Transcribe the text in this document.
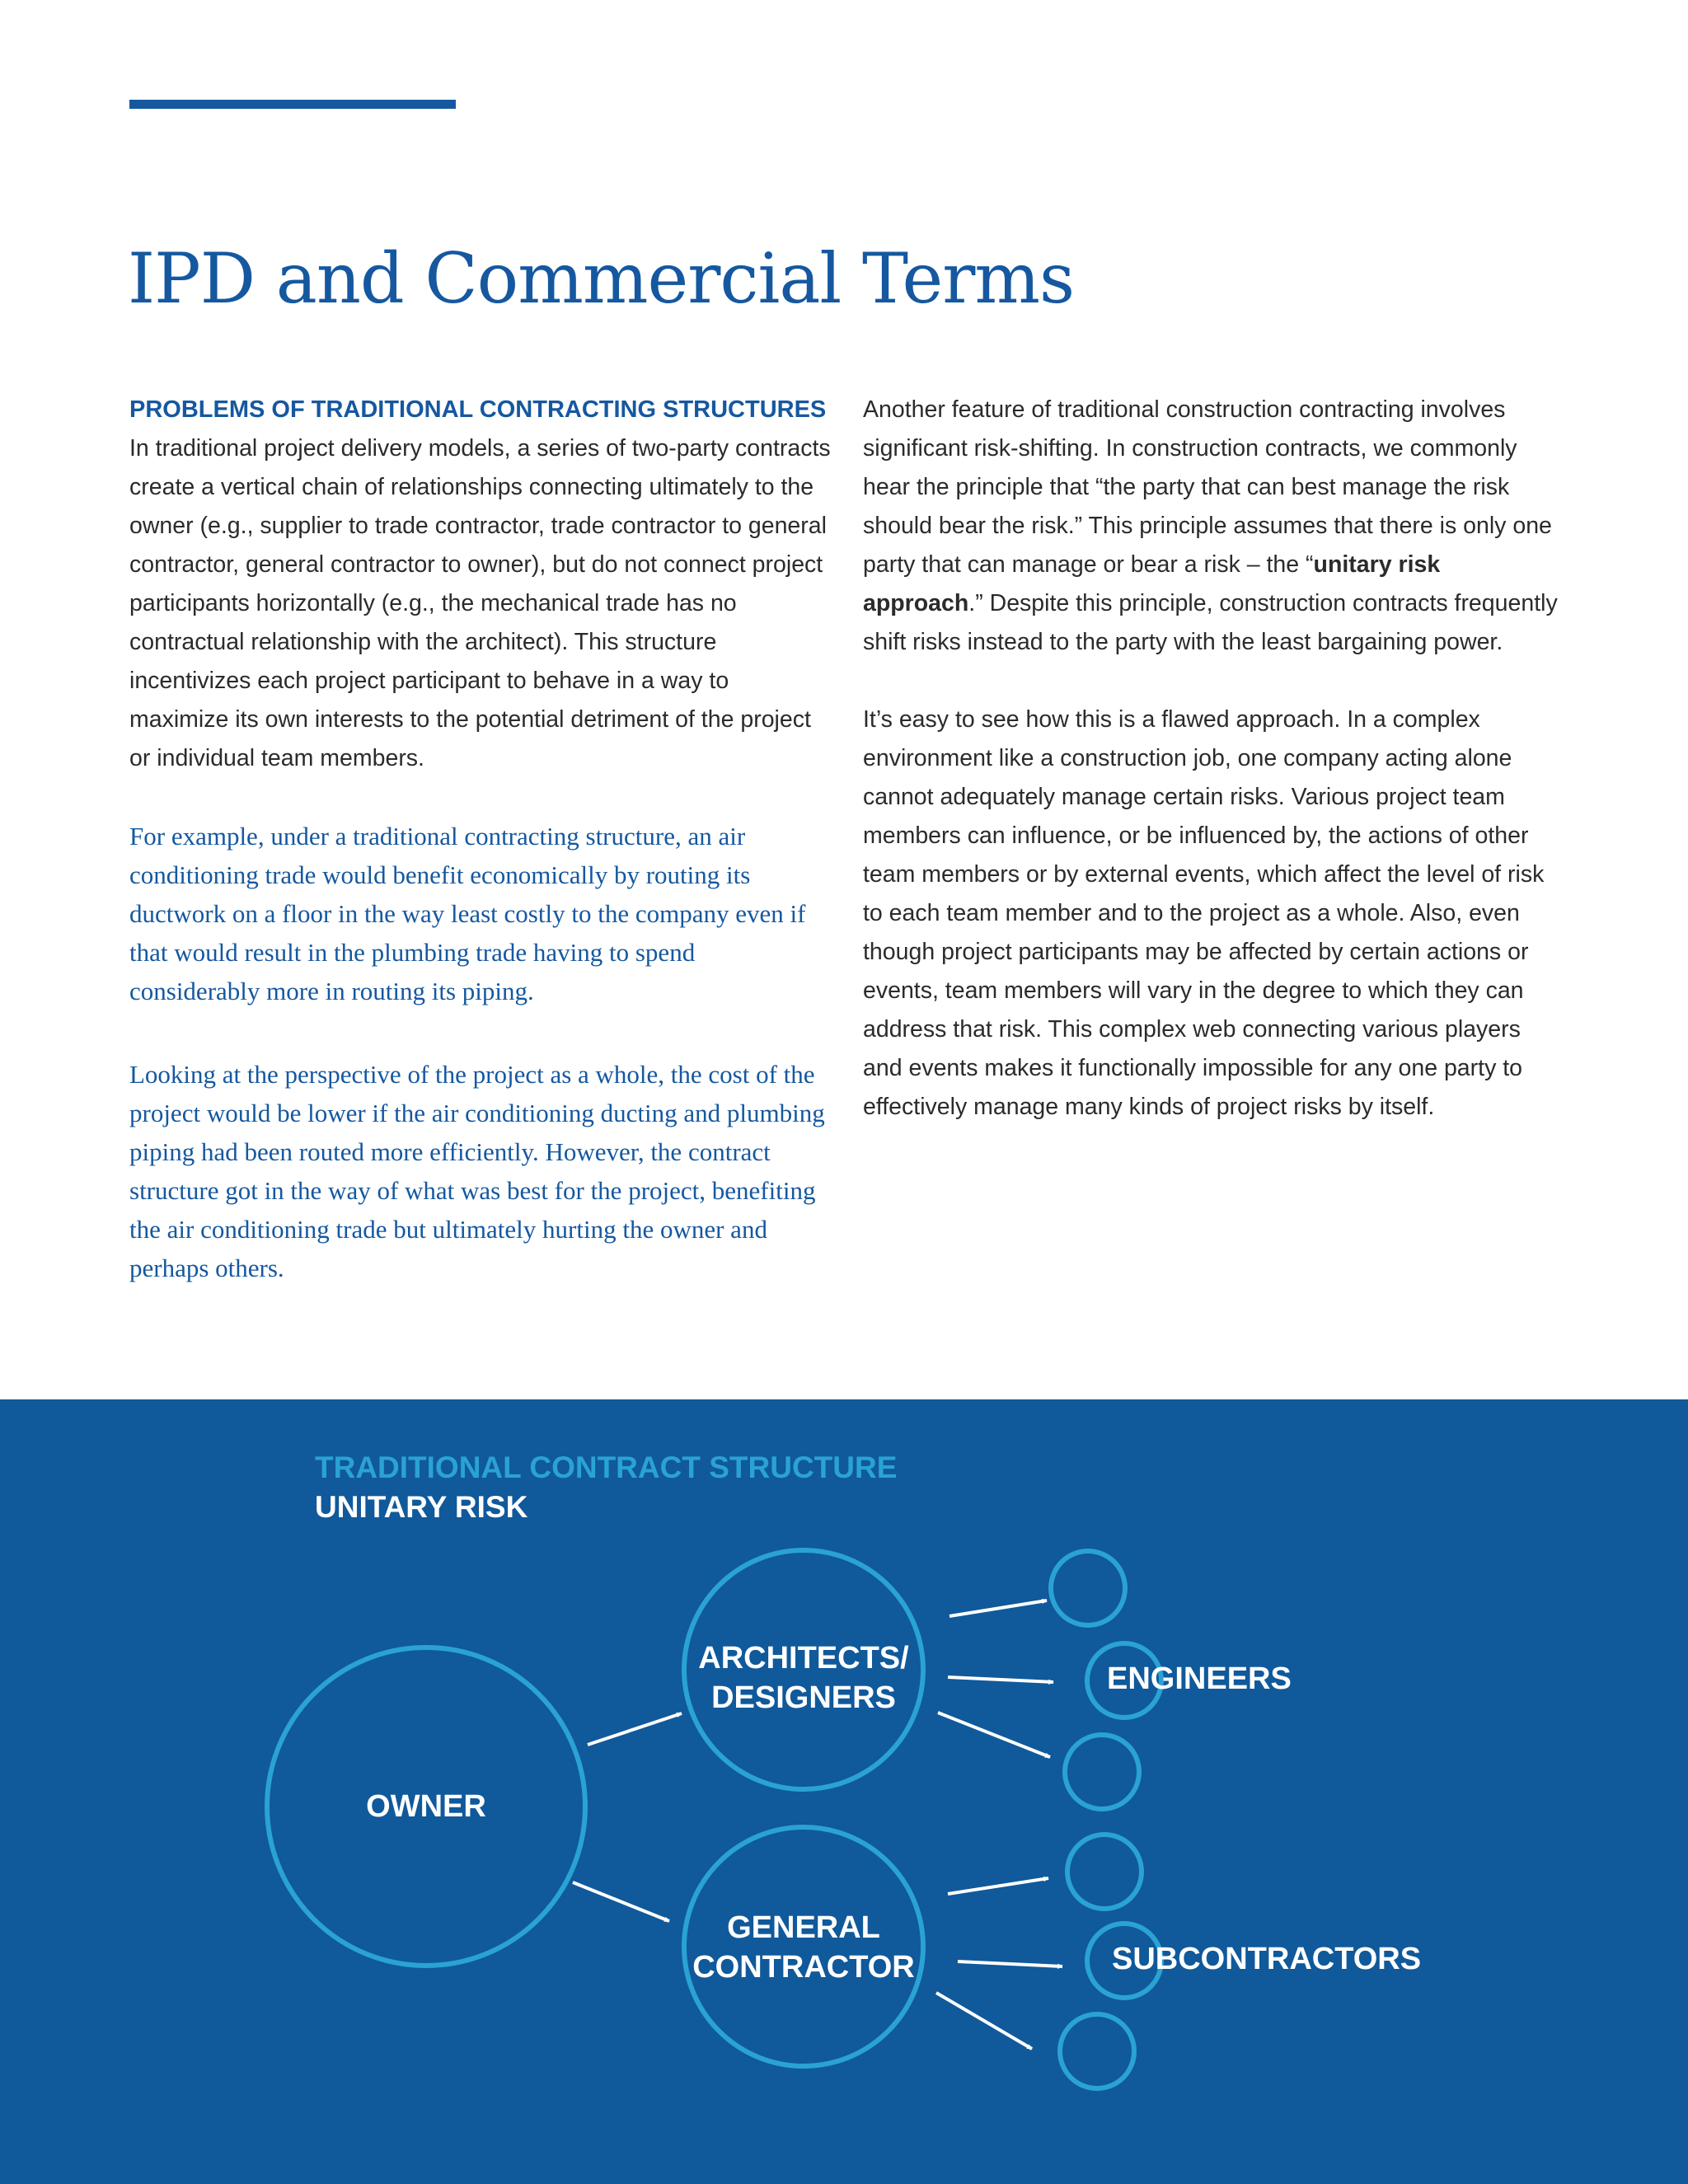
IPD and Commercial Terms
PROBLEMS OF TRADITIONAL CONTRACTING STRUCTURES

In traditional project delivery models, a series of two-party contracts create a vertical chain of relationships connecting ultimately to the owner (e.g., supplier to trade contractor, trade contractor to general contractor, general contractor to owner), but do not connect project participants horizontally (e.g., the mechanical trade has no contractual relationship with the architect). This structure incentivizes each project participant to behave in a way to maximize its own interests to the potential detriment of the project or individual team members.

For example, under a traditional contracting structure, an air conditioning trade would benefit economically by routing its ductwork on a floor in the way least costly to the company even if that would result in the plumbing trade having to spend considerably more in routing its piping.

Looking at the perspective of the project as a whole, the cost of the project would be lower if the air conditioning ducting and plumbing piping had been routed more efficiently. However, the contract structure got in the way of what was best for the project, benefiting the air conditioning trade but ultimately hurting the owner and perhaps others.

Another feature of traditional construction contracting involves significant risk-shifting. In construction contracts, we commonly hear the principle that “the party that can best manage the risk should bear the risk.” This principle assumes that there is only one party that can manage or bear a risk – the “unitary risk approach.” Despite this principle, construction contracts frequently shift risks instead to the party with the least bargaining power.

It’s easy to see how this is a flawed approach. In a complex environment like a construction job, one company acting alone cannot adequately manage certain risks. Various project team members can influence, or be influenced by, the actions of other team members or by external events, which affect the level of risk to each team member and to the project as a whole. Also, even though project participants may be affected by certain actions or events, team members will vary in the degree to which they can address that risk. This complex web connecting various players and events makes it functionally impossible for any one party to effectively manage many kinds of project risks by itself.

TRADITIONAL CONTRACT STRUCTURE
UNITARY RISK
OWNER
ARCHITECTS/
DESIGNERS
GENERAL
CONTRACTOR
ENGINEERS
SUBCONTRACTORS
